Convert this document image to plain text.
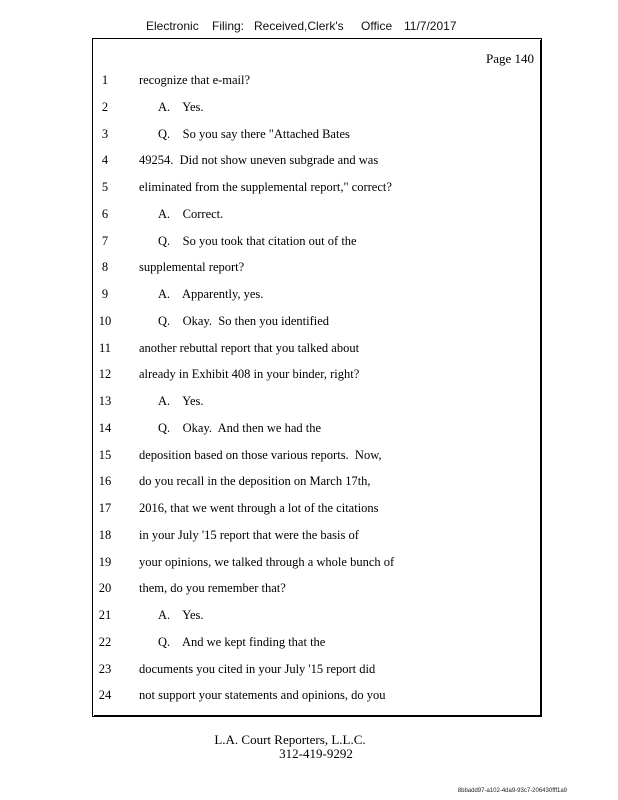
Electronic Filing: Received,Clerk's Office 11/7/2017
Page 140
1	recognize that e-mail?
2	A.    Yes.
3	Q.    So you say there "Attached Bates
4	49254.  Did not show uneven subgrade and was
5	eliminated from the supplemental report," correct?
6	A.    Correct.
7	Q.    So you took that citation out of the
8	supplemental report?
9	A.    Apparently, yes.
10	Q.    Okay.  So then you identified
11	another rebuttal report that you talked about
12	already in Exhibit 408 in your binder, right?
13	A.    Yes.
14	Q.    Okay.  And then we had the
15	deposition based on those various reports.  Now,
16	do you recall in the deposition on March 17th,
17	2016, that we went through a lot of the citations
18	in your July '15 report that were the basis of
19	your opinions, we talked through a whole bunch of
20	them, do you remember that?
21	A.    Yes.
22	Q.    And we kept finding that the
23	documents you cited in your July '15 report did
24	not support your statements and opinions, do you
L.A. Court Reporters, L.L.C.
312-419-9292
8bbadd97-a102-4da9-93c7-206430fff1a9
